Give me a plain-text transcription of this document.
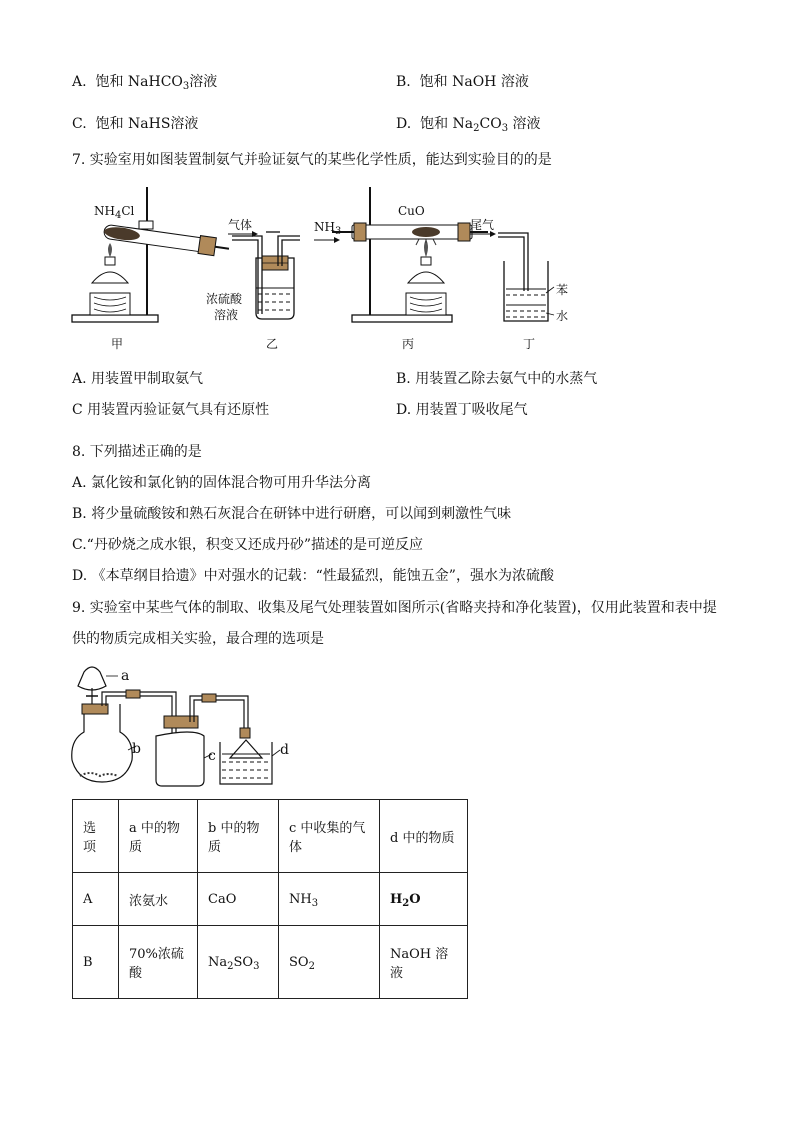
A. 饱和 NaHCO$_3$溶液	B. 饱和 NaOH 溶液
C. 饱和 NaHS溶液	D. 饱和 $Na_2CO_3$ 溶液
7. 实验室用如图装置制氨气并验证氨气的某些化学性质，能达到实验目的的是
$NH_4Cl$
气体
浓硫酸
溶液
$NH_3$
CuO
尾气
苯
水
甲	乙	丙	丁
A. 用装置甲制取氨气	B. 用装置乙除去氨气中的水蒸气
C 用装置丙验证氨气具有还原性	D. 用装置丁吸收尾气
8. 下列描述正确的是
A. 氯化铵和氯化钠的固体混合物可用升华法分离
B. 将少量硫酸铵和熟石灰混合在研钵中进行研磨，可以闻到刺激性气味
C.“丹砂烧之成水银，积变又还成丹砂”描述的是可逆反应
D. 《本草纲目拾遗》中对强水的记载：“性最猛烈，能蚀五金”，强水为浓硫酸
9. 实验室中某些气体的制取、收集及尾气处理装置如图所示(省略夹持和净化装置)，仅用此装置和表中提
供的物质完成相关实验，最合理的选项是
a
b	c	d
选项	a 中的物质	b 中的物质	c 中收集的气体	d 中的物质
A	浓氨水	CaO	$NH_3$	$H_2O$
B	70%浓硫酸	$Na_2SO_3$	$SO_2$	NaOH 溶液
